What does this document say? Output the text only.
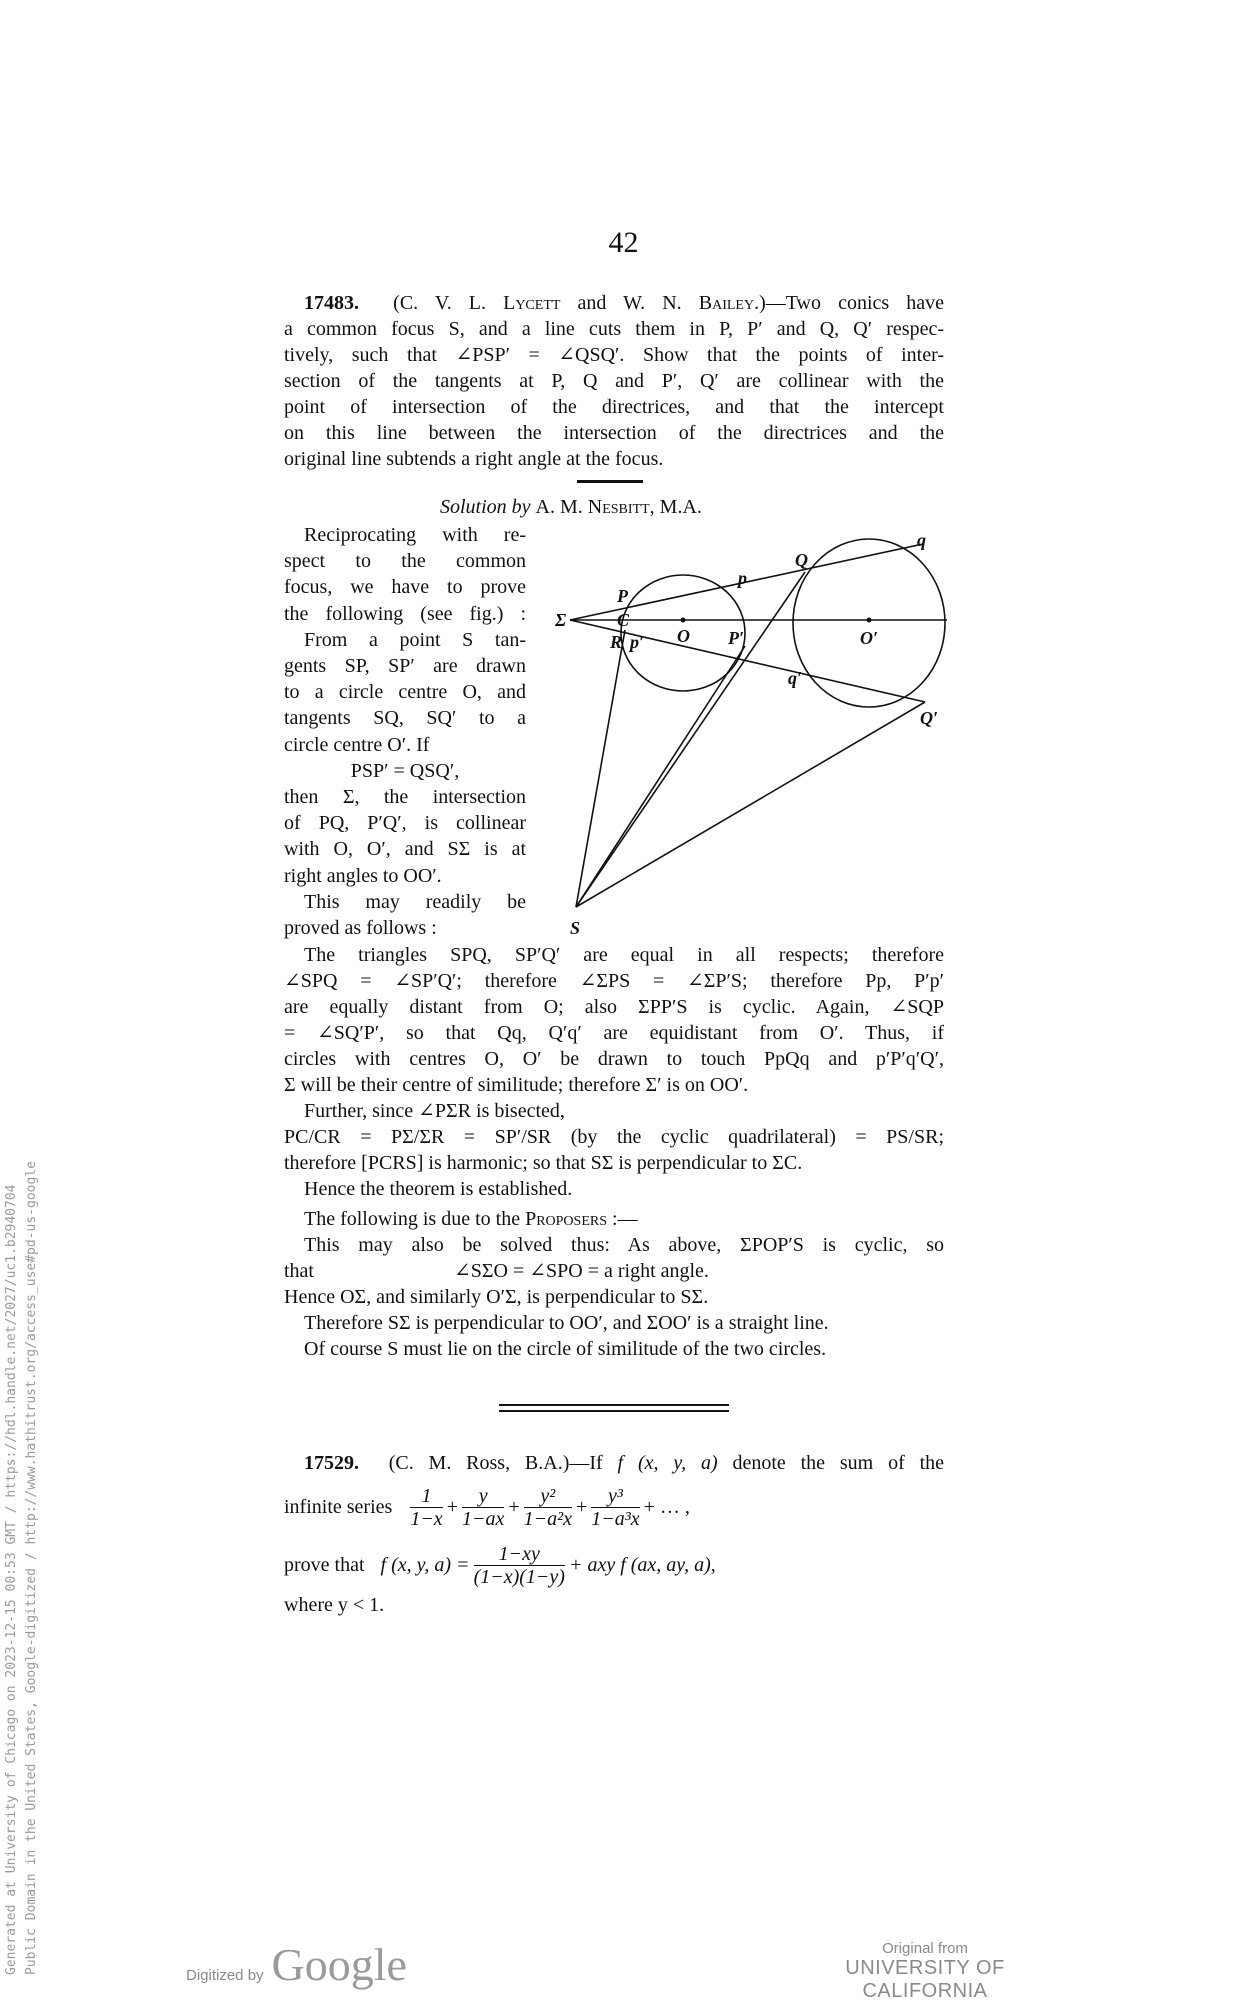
42
17483. (C. V. L. Lycett and W. N. Bailey.)—Two conics have
a common focus S, and a line cuts them in P, P′ and Q, Q′ respec-
tively, such that ∠PSP′ = ∠QSQ′. Show that the points of inter-
section of the tangents at P, Q and P′, Q′ are collinear with the
point of intersection of the directrices, and that the intercept
on this line between the intersection of the directrices and the
original line subtends a right angle at the focus.
Solution by A. M. Nesbitt, M.A.
Reciprocating with re-
spect to the common
focus, we have to prove
the following (see fig.) :
From a point S tan-
gents SP, SP′ are drawn
to a circle centre O, and
tangents SQ, SQ′ to a
circle centre O′. If
PSP′ = QSQ′,
then Σ, the intersection
of PQ, P′Q′, is collinear
with O, O′, and SΣ is at
right angles to OO′.
This may readily be
proved as follows :
Σ
P
p
Q
q
C
R p′ O P′	O′
q′
Q′
S
The triangles SPQ, SP′Q′ are equal in all respects; therefore
∠SPQ = ∠SP′Q′; therefore ∠ΣPS = ∠ΣP′S; therefore Pp, P′p′
are equally distant from O; also ΣPP′S is cyclic. Again, ∠SQP
= ∠SQ′P′, so that Qq, Q′q′ are equidistant from O′. Thus, if
circles with centres O, O′ be drawn to touch PpQq and p′P′q′Q′,
Σ will be their centre of similitude; therefore Σ′ is on OO′.
Further, since ∠PΣR is bisected,
PC/CR = PΣ/ΣR = SP′/SR (by the cyclic quadrilateral) = PS/SR;
therefore [PCRS] is harmonic; so that SΣ is perpendicular to ΣC.
Hence the theorem is established.
The following is due to the Proposers :—
This may also be solved thus: As above, ΣPOP′S is cyclic, so
that	∠SΣO = ∠SPO = a right angle.
Hence OΣ, and similarly O′Σ, is perpendicular to SΣ.
Therefore SΣ is perpendicular to OO′, and ΣOO′ is a straight line.
Of course S must lie on the circle of similitude of the two circles.
17529. (C. M. Ross, B.A.)—If f (x, y, a) denote the sum of the
infinite series $\frac{1}{1-x} + \frac{y}{1-ax} + \frac{\text{y²}}{\text{1−a²x}} + \frac{\text{y³}}{\text{1−a³x}}$ + … ,
prove that f (x, y, $a) = \frac{1-xy}{(1-x)(1-y)}$ + axy f (ax, ay, a),
where y < 1.
Generated at University of Chicago on 2023-12-15 00:53 GMT / https://hdl.handle.net/2027/uc1.b2940704 Public Domain in the United States, Google-digitized / http://www.hathitrust.org/access_use#pd-us-google
Digitized by Google	Original from
UNIVERSITY OF CALIFORNIA
